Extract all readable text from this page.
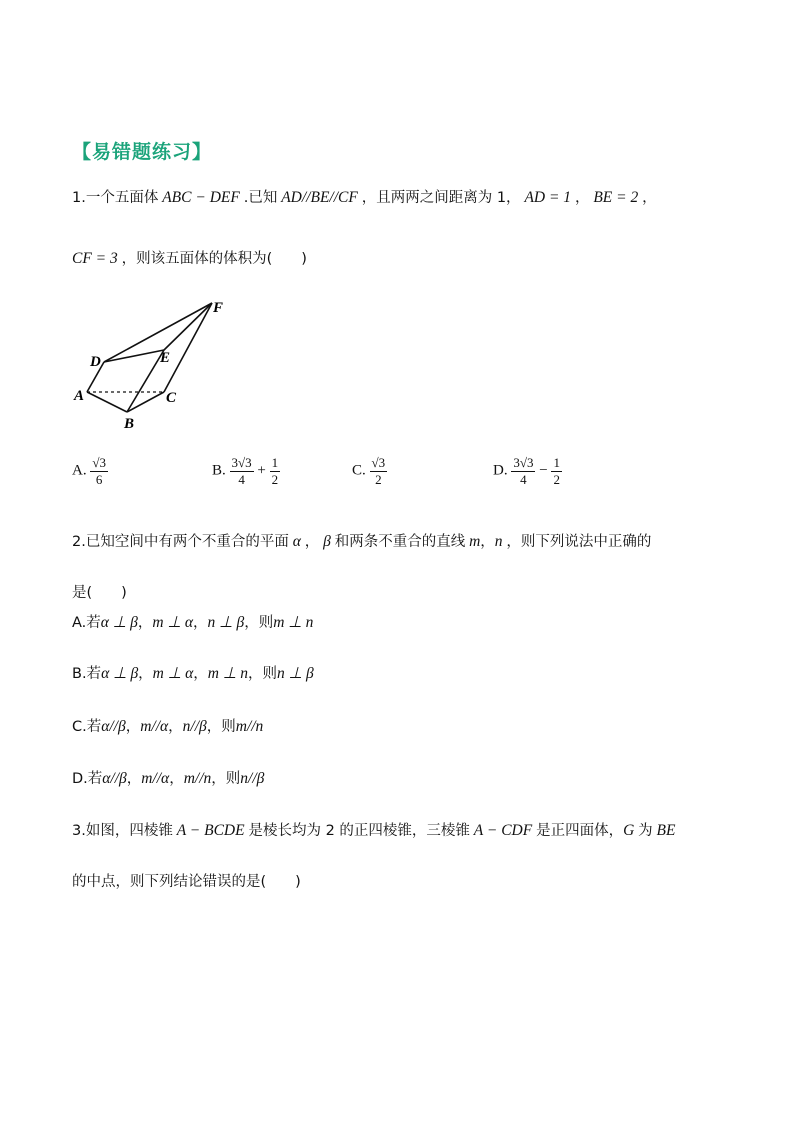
【易错题练习】
1.一个五面体 ABC − DEF .已知 AD//BE//CF ，且两两之间距离为 1， AD = 1 ， BE = 2 ，
CF = 3 ，则该五面体的体积为(　　)
D	E
F
A
B
C
A. $\frac{√3}{6}$	B. $\frac{3√3}{4} + \frac{1}{2}$	C. $\frac{√3}{2}$	D. $\frac{3√3}{4} - \frac{1}{2}$
2.已知空间中有两个不重合的平面 α ， β 和两条不重合的直线 m，n ，则下列说法中正确的
是(　　)
A.若α ⊥ β，m ⊥ α，n ⊥ β，则m ⊥ n
B.若α ⊥ β，m ⊥ α，m ⊥ n，则n ⊥ β
C.若α//β，m//α，n//β，则m//n
D.若α//β，m//α，m//n，则n//β
3.如图，四棱锥 A − BCDE 是棱长均为 2 的正四棱锥，三棱锥 A − CDF 是正四面体，G 为 BE
的中点，则下列结论错误的是(　　)
